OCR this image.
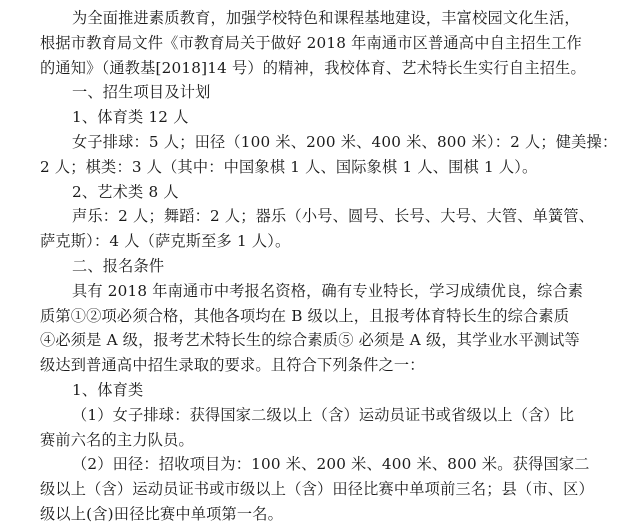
为全面推进素质教育，加强学校特色和课程基地建设，丰富校园文化生活，
根据市教育局文件《市教育局关于做好 2018 年南通市区普通高中自主招生工作
的通知》（通教基[2018]14 号）的精神，我校体育、艺术特长生实行自主招生。
一、招生项目及计划
1、体育类 12 人
女子排球：5 人；田径（100 米、200 米、400 米、800 米）：2 人；健美操：
2 人；棋类：3 人（其中：中国象棋 1 人、国际象棋 1 人、围棋 1 人）。
2、艺术类 8 人
声乐：2 人；舞蹈：2 人；器乐（小号、圆号、长号、大号、大管、单簧管、
萨克斯）：4 人（萨克斯至多 1 人）。
二、报名条件
具有 2018 年南通市中考报名资格，确有专业特长，学习成绩优良，综合素
质第①②项必须合格，其他各项均在 B 级以上，且报考体育特长生的综合素质
④必须是 A 级，报考艺术特长生的综合素质⑤ 必须是 A 级，其学业水平测试等
级达到普通高中招生录取的要求。且符合下列条件之一：
1、体育类
（1）女子排球：获得国家二级以上（含）运动员证书或省级以上（含）比
赛前六名的主力队员。
（2）田径：招收项目为：100 米、200 米、400 米、800 米。获得国家二
级以上（含）运动员证书或市级以上（含）田径比赛中单项前三名；县（市、区）
级以上(含)田径比赛中单项第一名。
